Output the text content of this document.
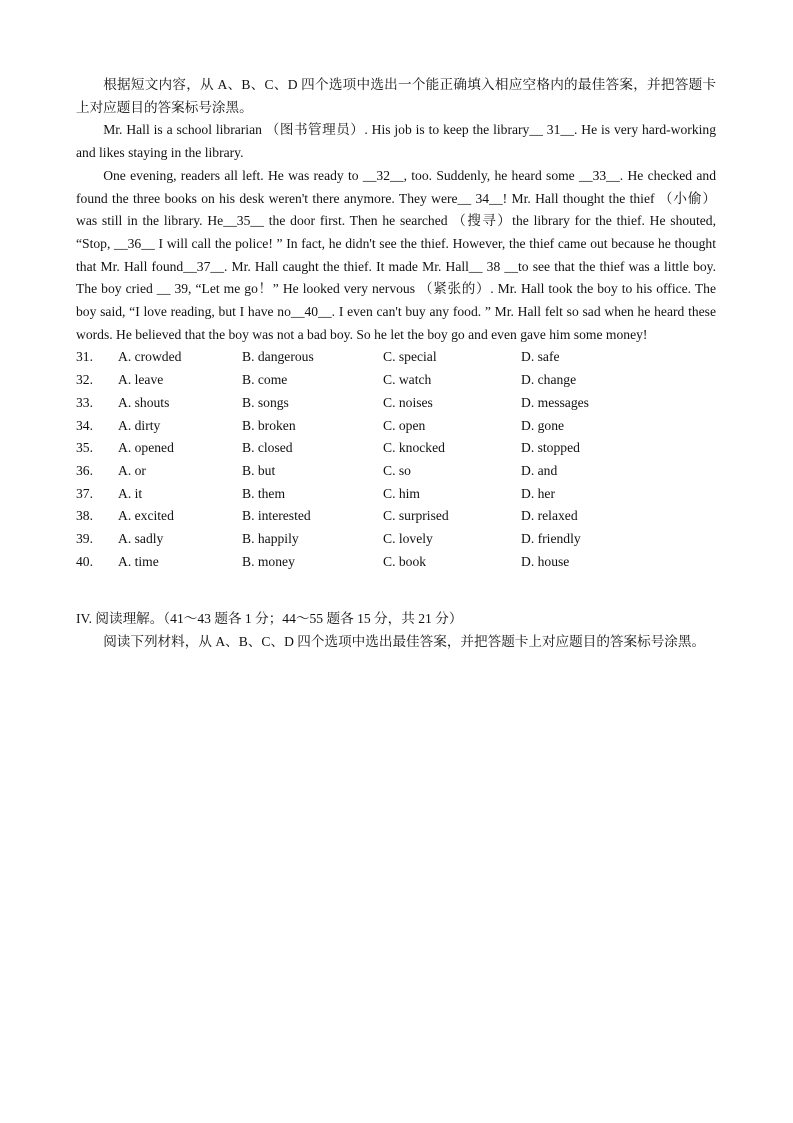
根据短文内容，从 A、B、C、D 四个选项中选出一个能正确填入相应空格内的最佳答案，并把答题卡上对应题目的答案标号涂黑。

Mr. Hall is a school librarian （图书管理员）. His job is to keep the library__ 31__. He is very hard-working and likes staying in the library.

One evening, readers all left. He was ready to __32__, too. Suddenly, he heard some __33__. He checked and found the three books on his desk weren't there anymore. They were__ 34__! Mr. Hall thought the thief （小偷）was still in the library. He__35__ the door first. Then he searched （搜寻）the library for the thief. He shouted, “Stop, __36__ I will call the police! ” In fact, he didn't see the thief. However, the thief came out because he thought that Mr. Hall found__37__. Mr. Hall caught the thief. It made Mr. Hall__ 38 __to see that the thief was a little boy. The boy cried __ 39, “Let me go！” He looked very nervous （紧张的）. Mr. Hall took the boy to his office. The boy said, “I love reading, but I have no__40__. I even can't buy any food. ” Mr. Hall felt so sad when he heard these words. He believed that the boy was not a bad boy. So he let the boy go and even gave him some money!

31.	A. crowded	B. dangerous	C. special	D. safe
32.	A. leave	B. come	C. watch	D. change
33.	A. shouts	B. songs	C. noises	D. messages
34.	A. dirty	B. broken	C. open	D. gone
35.	A. opened	B. closed	C. knocked	D. stopped
36.	A. or	B. but	C. so	D. and
37.	A. it	B. them	C. him	D. her
38.	A. excited	B. interested	C. surprised	D. relaxed
39.	A. sadly	B. happily	C. lovely	D. friendly
40.	A. time	B. money	C. book	D. house

IV. 阅读理解。（41～43 题各 1 分；44～55 题各 15 分，共 21 分）

阅读下列材料，从 A、B、C、D 四个选项中选出最佳答案，并把答题卡上对应题目的答案标号涂黑。
